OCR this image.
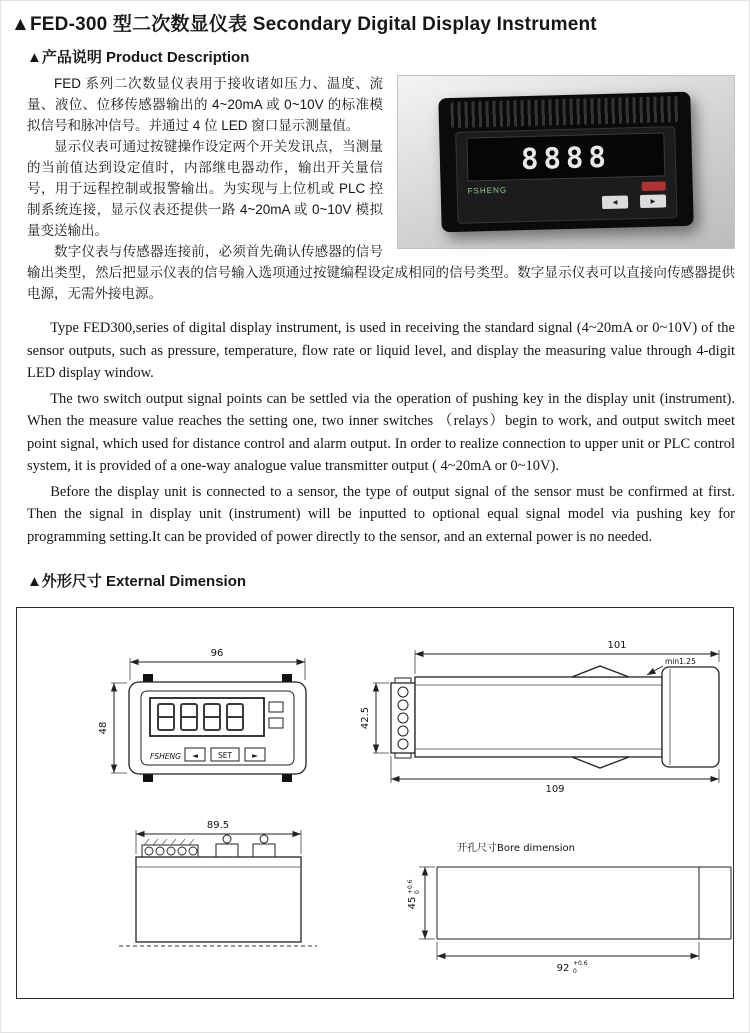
▲FED-300 型二次数显仪表 Secondary Digital Display Instrument
▲产品说明 Product Description
8888
FSHENG
◄	►

FED 系列二次数显仪表用于接收诸如压力、温度、流量、液位、位移传感器输出的 4~20mA 或 0~10V 的标准模拟信号和脉冲信号。并通过 4 位 LED 窗口显示测量值。

显示仪表可通过按键操作设定两个开关发讯点，当测量的当前值达到设定值时，内部继电器动作，输出开关量信号，用于远程控制或报警输出。为实现与上位机或 PLC 控制系统连接，显示仪表还提供一路 4~20mA 或 0~10V 模拟量变送输出。

数字仪表与传感器连接前，必须首先确认传感器的信号输出类型，然后把显示仪表的信号输入选项通过按键编程设定成相同的信号类型。数字显示仪表可以直接向传感器提供电源，无需外接电源。

Type FED300,series of digital display instrument, is used in receiving the standard signal (4~20mA or 0~10V) of the sensor outputs, such as pressure, temperature, flow rate or liquid level, and display the measuring value through 4-digit LED display window.

The two switch output signal points can be settled via the operation of pushing key in the display unit (instrument). When the measure value reaches the setting one, two inner switches （relays）begin to work, and output switch meet point signal, which used for distance control and alarm output. In order to realize connection to upper unit or PLC control system, it is provided of a one-way analogue value transmitter output ( 4~20mA or 0~10V).

Before the display unit is connected to a sensor, the type of output signal of the sensor must be confirmed at first. Then the signal in display unit (instrument) will be inputted to optional equal signal model via pushing key for programming setting.It can be provided of power directly to the sensor, and an external power is no needed.

▲外形尺寸 External Dimension
96
FSHENG ◄	SET	►
48
101
min1.25
42.5
109
89.5
开孔尺寸Bore dimension
45
+0.6 0
92 +0.6
0
